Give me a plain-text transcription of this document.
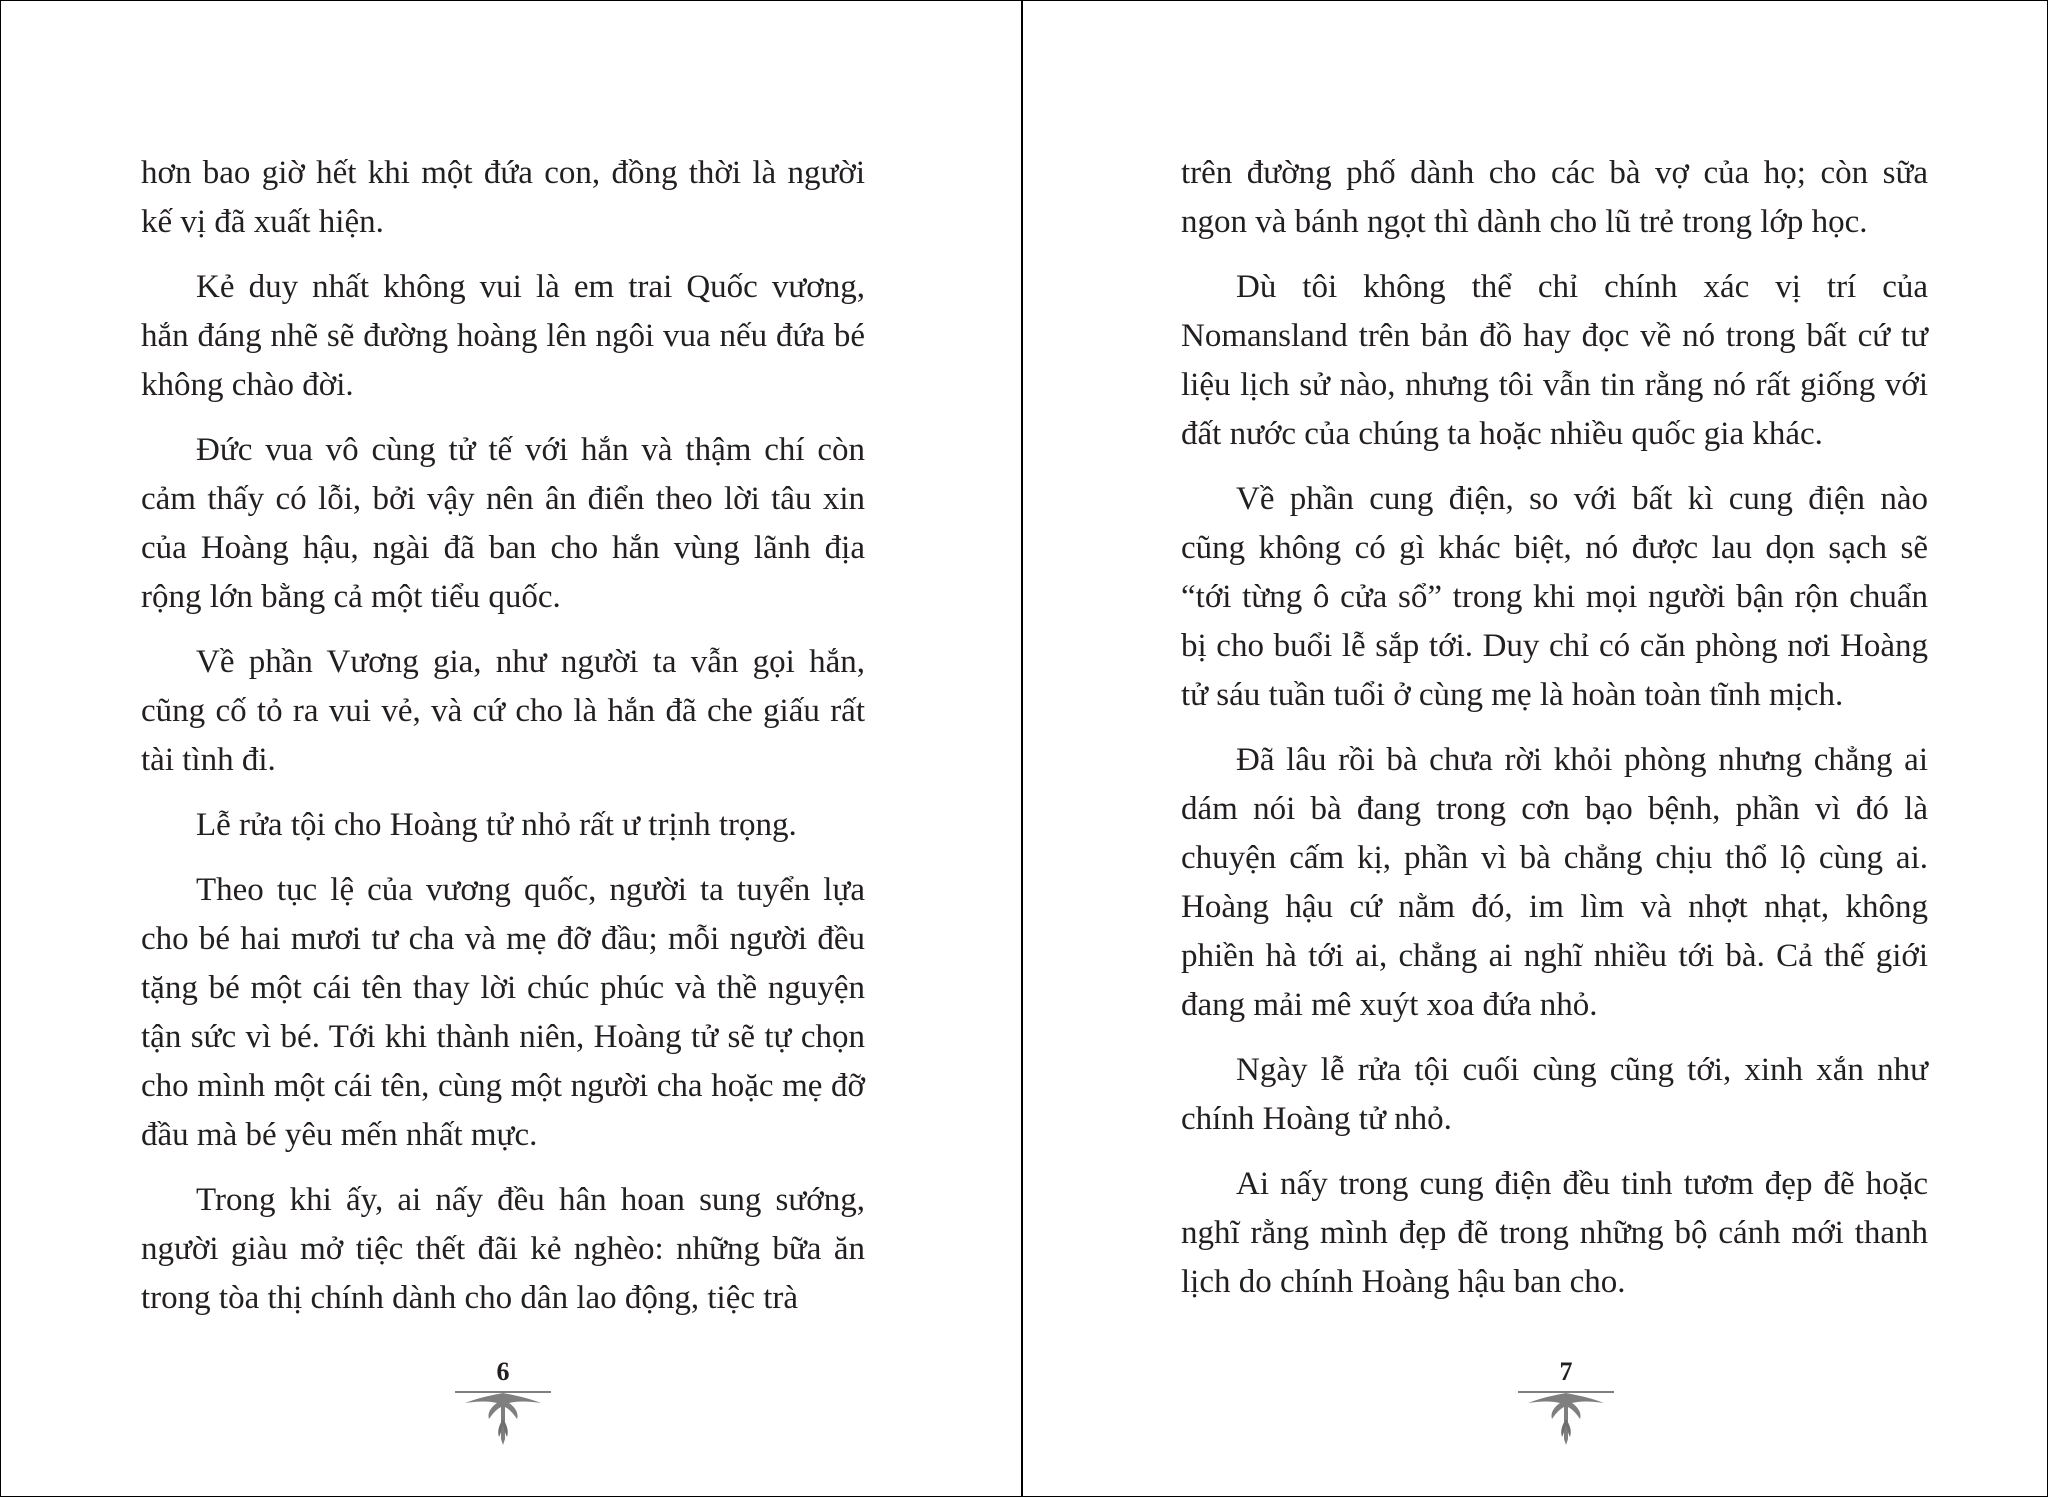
hơn bao giờ hết khi một đứa con, đồng thời là người kế vị đã xuất hiện.

Kẻ duy nhất không vui là em trai Quốc vương, hắn đáng nhẽ sẽ đường hoàng lên ngôi vua nếu đứa bé không chào đời.

Đức vua vô cùng tử tế với hắn và thậm chí còn cảm thấy có lỗi, bởi vậy nên ân điển theo lời tâu xin của Hoàng hậu, ngài đã ban cho hắn vùng lãnh địa rộng lớn bằng cả một tiểu quốc.

Về phần Vương gia, như người ta vẫn gọi hắn, cũng cố tỏ ra vui vẻ, và cứ cho là hắn đã che giấu rất tài tình đi.

Lễ rửa tội cho Hoàng tử nhỏ rất ư trịnh trọng.

Theo tục lệ của vương quốc, người ta tuyển lựa cho bé hai mươi tư cha và mẹ đỡ đầu; mỗi người đều tặng bé một cái tên thay lời chúc phúc và thề nguyện tận sức vì bé. Tới khi thành niên, Hoàng tử sẽ tự chọn cho mình một cái tên, cùng một người cha hoặc mẹ đỡ đầu mà bé yêu mến nhất mực.

Trong khi ấy, ai nấy đều hân hoan sung sướng, người giàu mở tiệc thết đãi kẻ nghèo: những bữa ăn trong tòa thị chính dành cho dân lao động, tiệc trà

6

trên đường phố dành cho các bà vợ của họ; còn sữa ngon và bánh ngọt thì dành cho lũ trẻ trong lớp học.

Dù tôi không thể chỉ chính xác vị trí của Nomansland trên bản đồ hay đọc về nó trong bất cứ tư liệu lịch sử nào, nhưng tôi vẫn tin rằng nó rất giống với đất nước của chúng ta hoặc nhiều quốc gia khác.

Về phần cung điện, so với bất kì cung điện nào cũng không có gì khác biệt, nó được lau dọn sạch sẽ “tới từng ô cửa sổ” trong khi mọi người bận rộn chuẩn bị cho buổi lễ sắp tới. Duy chỉ có căn phòng nơi Hoàng tử sáu tuần tuổi ở cùng mẹ là hoàn toàn tĩnh mịch.

Đã lâu rồi bà chưa rời khỏi phòng nhưng chẳng ai dám nói bà đang trong cơn bạo bệnh, phần vì đó là chuyện cấm kị, phần vì bà chẳng chịu thổ lộ cùng ai. Hoàng hậu cứ nằm đó, im lìm và nhợt nhạt, không phiền hà tới ai, chẳng ai nghĩ nhiều tới bà. Cả thế giới đang mải mê xuýt xoa đứa nhỏ.

Ngày lễ rửa tội cuối cùng cũng tới, xinh xắn như chính Hoàng tử nhỏ.

Ai nấy trong cung điện đều tinh tươm đẹp đẽ hoặc nghĩ rằng mình đẹp đẽ trong những bộ cánh mới thanh lịch do chính Hoàng hậu ban cho.

7
